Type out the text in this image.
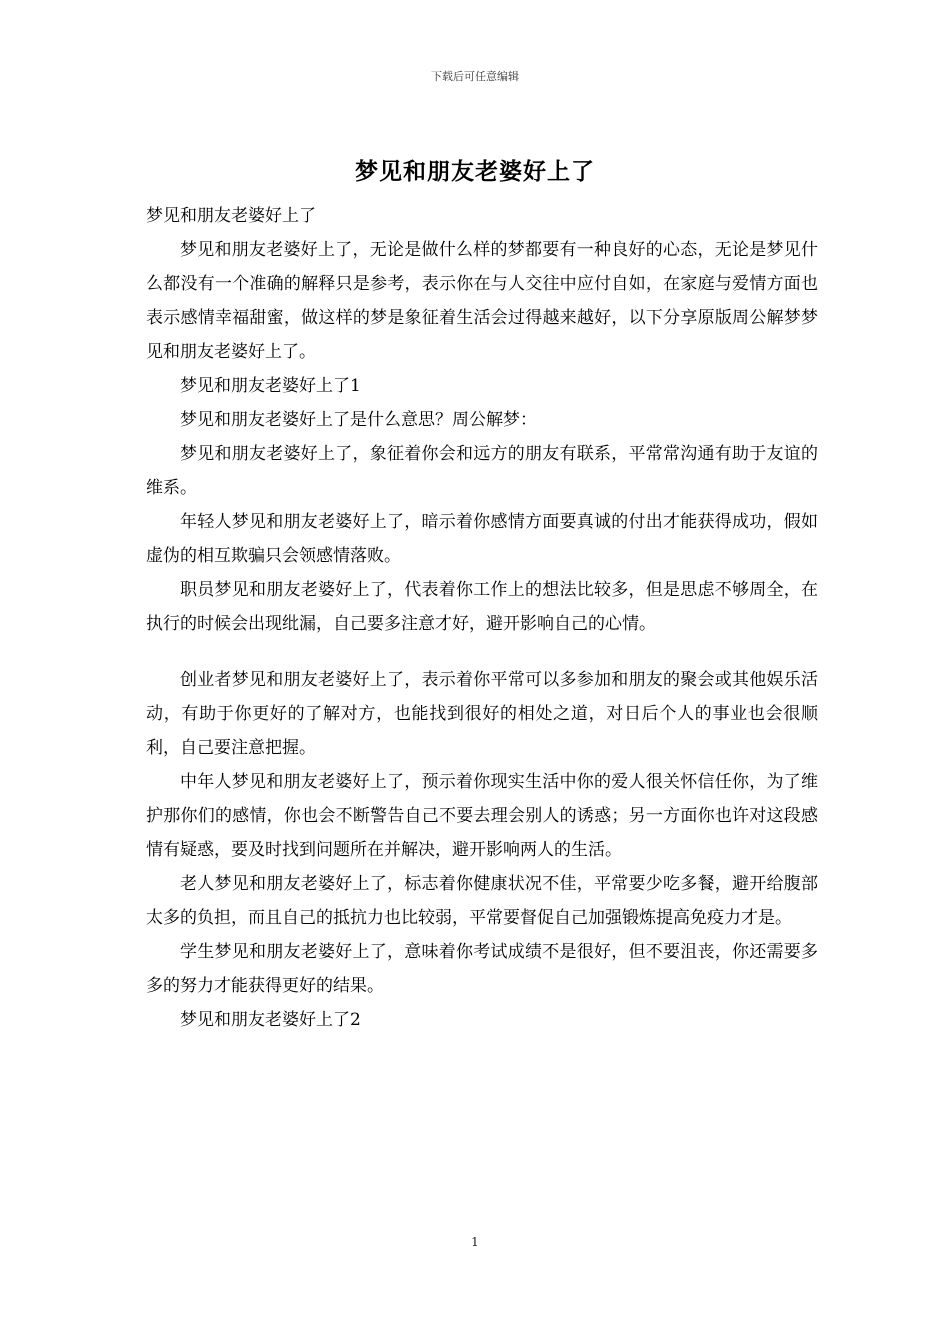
下载后可任意编辑
梦见和朋友老婆好上了

梦见和朋友老婆好上了

梦见和朋友老婆好上了，无论是做什么样的梦都要有一种良好的心态，无论是梦见什么都没有一个准确的解释只是参考，表示你在与人交往中应付自如，在家庭与爱情方面也表示感情幸福甜蜜，做这样的梦是象征着生活会过得越来越好，以下分享原版周公解梦梦见和朋友老婆好上了。

梦见和朋友老婆好上了1

梦见和朋友老婆好上了是什么意思？周公解梦：

梦见和朋友老婆好上了，象征着你会和远方的朋友有联系，平常常沟通有助于友谊的维系。

年轻人梦见和朋友老婆好上了，暗示着你感情方面要真诚的付出才能获得成功，假如虚伪的相互欺骗只会领感情落败。

职员梦见和朋友老婆好上了，代表着你工作上的想法比较多，但是思虑不够周全，在执行的时候会出现纰漏，自己要多注意才好，避开影响自己的心情。

创业者梦见和朋友老婆好上了，表示着你平常可以多参加和朋友的聚会或其他娱乐活动，有助于你更好的了解对方，也能找到很好的相处之道，对日后个人的事业也会很顺利，自己要注意把握。

中年人梦见和朋友老婆好上了，预示着你现实生活中你的爱人很关怀信任你，为了维护那你们的感情，你也会不断警告自己不要去理会别人的诱惑；另一方面你也许对这段感情有疑惑，要及时找到问题所在并解决，避开影响两人的生活。

老人梦见和朋友老婆好上了，标志着你健康状况不佳，平常要少吃多餐，避开给腹部太多的负担，而且自己的抵抗力也比较弱，平常要督促自己加强锻炼提高免疫力才是。

学生梦见和朋友老婆好上了，意味着你考试成绩不是很好，但不要沮丧，你还需要多多的努力才能获得更好的结果。

梦见和朋友老婆好上了2

1
